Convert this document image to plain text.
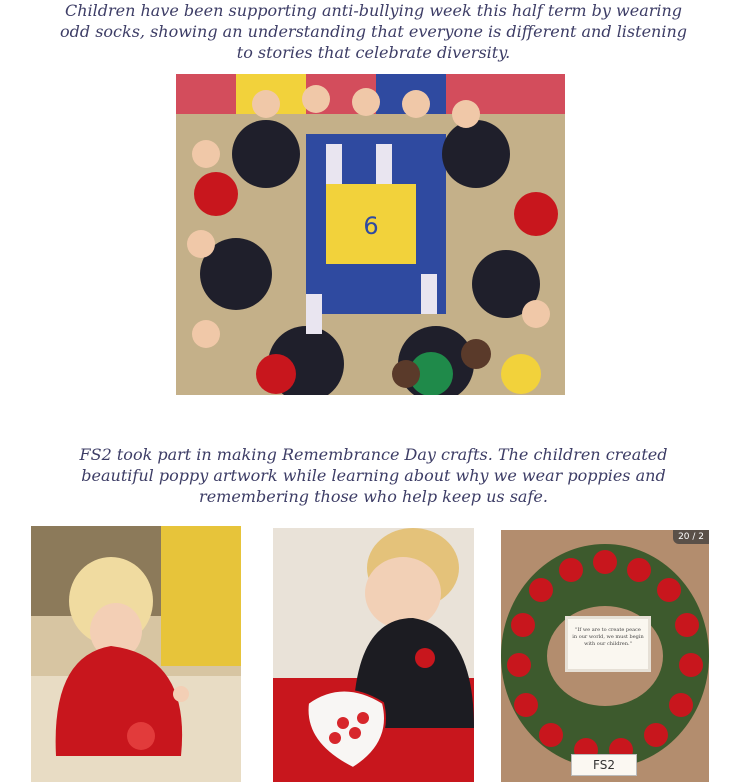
Children have been supporting anti-bullying week this half term by wearing odd socks, showing an understanding that everyone is different and listening to stories that celebrate diversity.
6
FS2 took part in making Remembrance Day crafts. The children created beautiful poppy artwork while learning about why we wear poppies and remembering those who help keep us safe.
20 / 2
"If we are to create peace in our world, we must begin with our children."
FS2
